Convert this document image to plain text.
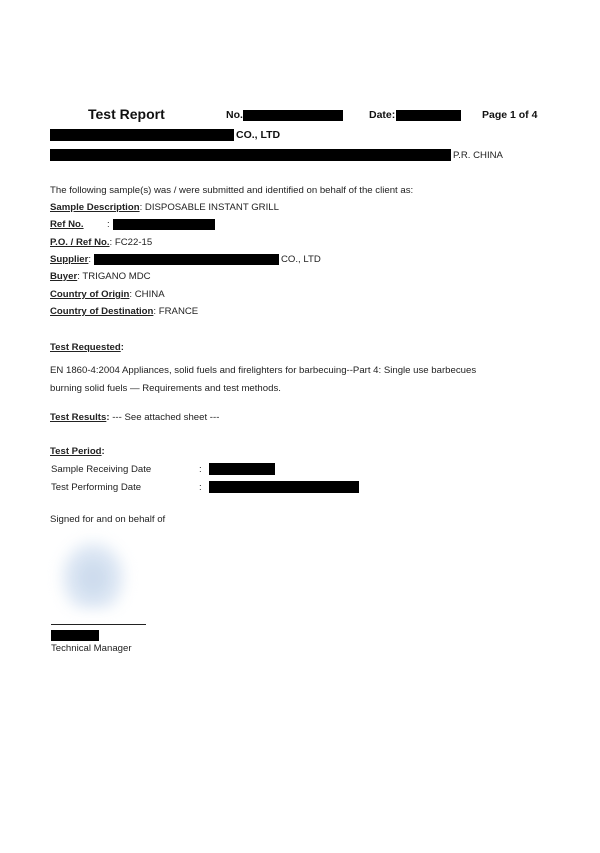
Test Report	No.	Date:	Page 1 of 4
CO., LTD
P.R. CHINA
The following sample(s) was / were submitted and identified on behalf of the client as:
Sample Description: DISPOSABLE INSTANT GRILL
Ref No. :
P.O. / Ref No.: FC22-15
Supplier:	CO., LTD
Buyer: TRIGANO MDC
Country of Origin: CHINA
Country of Destination: FRANCE
Test Requested:
EN 1860-4:2004 Appliances, solid fuels and firelighters for barbecuing--Part 4: Single use barbecues
burning solid fuels — Requirements and test methods.
Test Results: --- See attached sheet ---
Test Period:
Sample Receiving Date	:
Test Performing Date	:
Signed for and on behalf of
Technical Manager
